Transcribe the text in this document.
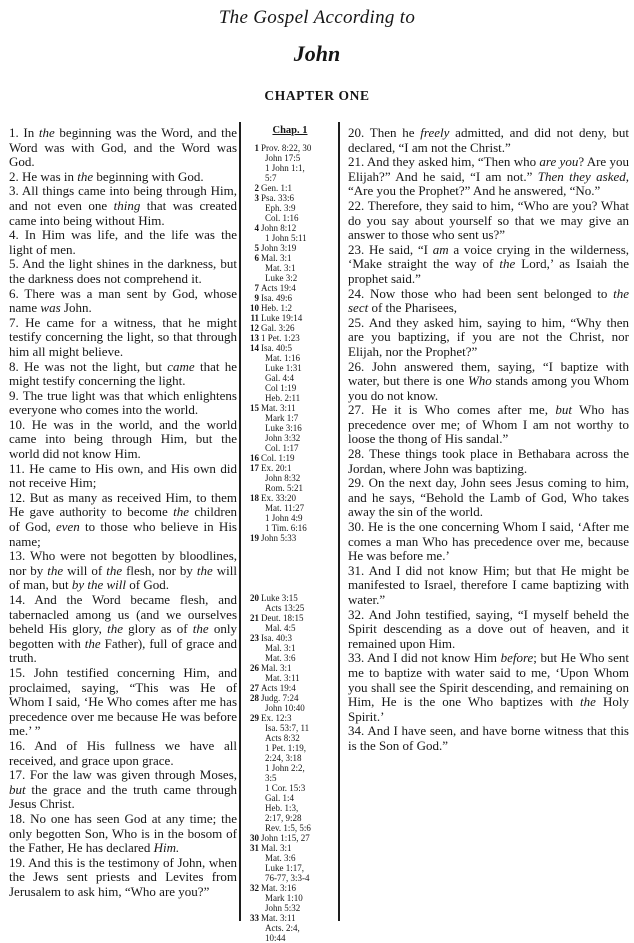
The Gospel According to
John
CHAPTER ONE

1. In the beginning was the Word, and the Word was with God, and the Word was God.

2. He was in the beginning with God.

3. All things came into being through Him, and not even one thing that was created came into being without Him.

4. In Him was life, and the life was the light of men.

5. And the light shines in the darkness, but the darkness does not comprehend it.

6. There was a man sent by God, whose name was John.

7. He came for a witness, that he might testify concerning the light, so that through him all might believe.

8. He was not the light, but came that he might testify concerning the light.

9. The true light was that which enlightens everyone who comes into the world.

10. He was in the world, and the world came into being through Him, but the world did not know Him.

11. He came to His own, and His own did not receive Him;

12. But as many as received Him, to them He gave authority to become the children of God, even to those who believe in His name;

13. Who were not begotten by bloodlines, nor by the will of the flesh, nor by the will of man, but by the will of God.

14. And the Word became flesh, and tabernacled among us (and we ourselves beheld His glory, the glory as of the only begotten with the Father), full of grace and truth.

15. John testified concerning Him, and proclaimed, saying, “This was He of Whom I said, ‘He Who comes after me has precedence over me because He was before me.’ ”

16. And of His fullness we have all received, and grace upon grace.

17. For the law was given through Moses, but the grace and the truth came through Jesus Christ.

18. No one has seen God at any time; the only begotten Son, Who is in the bosom of the Father, He has declared Him.

19. And this is the testimony of John, when the Jews sent priests and Levites from Jerusalem to ask him, “Who are you?”

Chap. 1
1 Prov. 8:22, 30
John 17:5
1 John 1:1,
5:7
2 Gen. 1:1
3 Psa. 33:6
Eph. 3:9
Col. 1:16
4 John 8:12
1 John 5:11
5 John 3:19
6 Mal. 3:1
Mat. 3:1
Luke 3:2
7 Acts 19:4
9 Isa. 49:6
10 Heb. 1:2
11 Luke 19:14
12 Gal. 3:26
13 1 Pet. 1:23
14 Isa. 40:5
Mat. 1:16
Luke 1:31
Gal. 4:4
Col 1:19
Heb. 2:11
15 Mat. 3:11
Mark 1:7
Luke 3:16
John 3:32
Col. 1:17
16 Col. 1:19
17 Ex. 20:1
John 8:32
Rom. 5:21
18 Ex. 33:20
Mat. 11:27
1 John 4:9
1 Tim. 6:16
19 John 5:33
20 Luke 3:15
Acts 13:25
21 Deut. 18:15
Mal. 4:5
23 Isa. 40:3
Mal. 3:1
Mat. 3:6
26 Mal. 3:1
Mat. 3:11
27 Acts 19:4
28 Judg. 7:24
John 10:40
29 Ex. 12:3
Isa. 53:7, 11
Acts 8:32
1 Pet. 1:19,
2:24, 3:18
1 John 2:2,
3:5
1 Cor. 15:3
Gal. 1:4
Heb. 1:3,
2:17, 9:28
Rev. 1:5, 5:6
30 John 1:15, 27
31 Mal. 3:1
Mat. 3:6
Luke 1:17,
76-77, 3:3-4
32 Mat. 3:16
Mark 1:10
John 5:32
33 Mat. 3:11
Acts. 2:4,
10:44

20. Then he freely admitted, and did not deny, but declared, “I am not the Christ.”

21. And they asked him, “Then who are you? Are you Elijah?” And he said, “I am not.” Then they asked, “Are you the Prophet?” And he answered, “No.”

22. Therefore, they said to him, “Who are you? What do you say about yourself so that we may give an answer to those who sent us?”

23. He said, “I am a voice crying in the wilderness, ‘Make straight the way of the Lord,’ as Isaiah the prophet said.”

24. Now those who had been sent belonged to the sect of the Pharisees,

25. And they asked him, saying to him, “Why then are you baptizing, if you are not the Christ, nor Elijah, nor the Prophet?”

26. John answered them, saying, “I baptize with water, but there is one Who stands among you Whom you do not know.

27. He it is Who comes after me, but Who has precedence over me; of Whom I am not worthy to loose the thong of His sandal.”

28. These things took place in Bethabara across the Jordan, where John was baptizing.

29. On the next day, John sees Jesus coming to him, and he says, “Behold the Lamb of God, Who takes away the sin of the world.

30. He is the one concerning Whom I said, ‘After me comes a man Who has precedence over me, because He was before me.’

31. And I did not know Him; but that He might be manifested to Israel, therefore I came baptizing with water.”

32. And John testified, saying, “I myself beheld the Spirit descending as a dove out of heaven, and it remained upon Him.

33. And I did not know Him before; but He Who sent me to baptize with water said to me, ‘Upon Whom you shall see the Spirit descending, and remaining on Him, He is the one Who baptizes with the Holy Spirit.’

34. And I have seen, and have borne witness that this is the Son of God.”
